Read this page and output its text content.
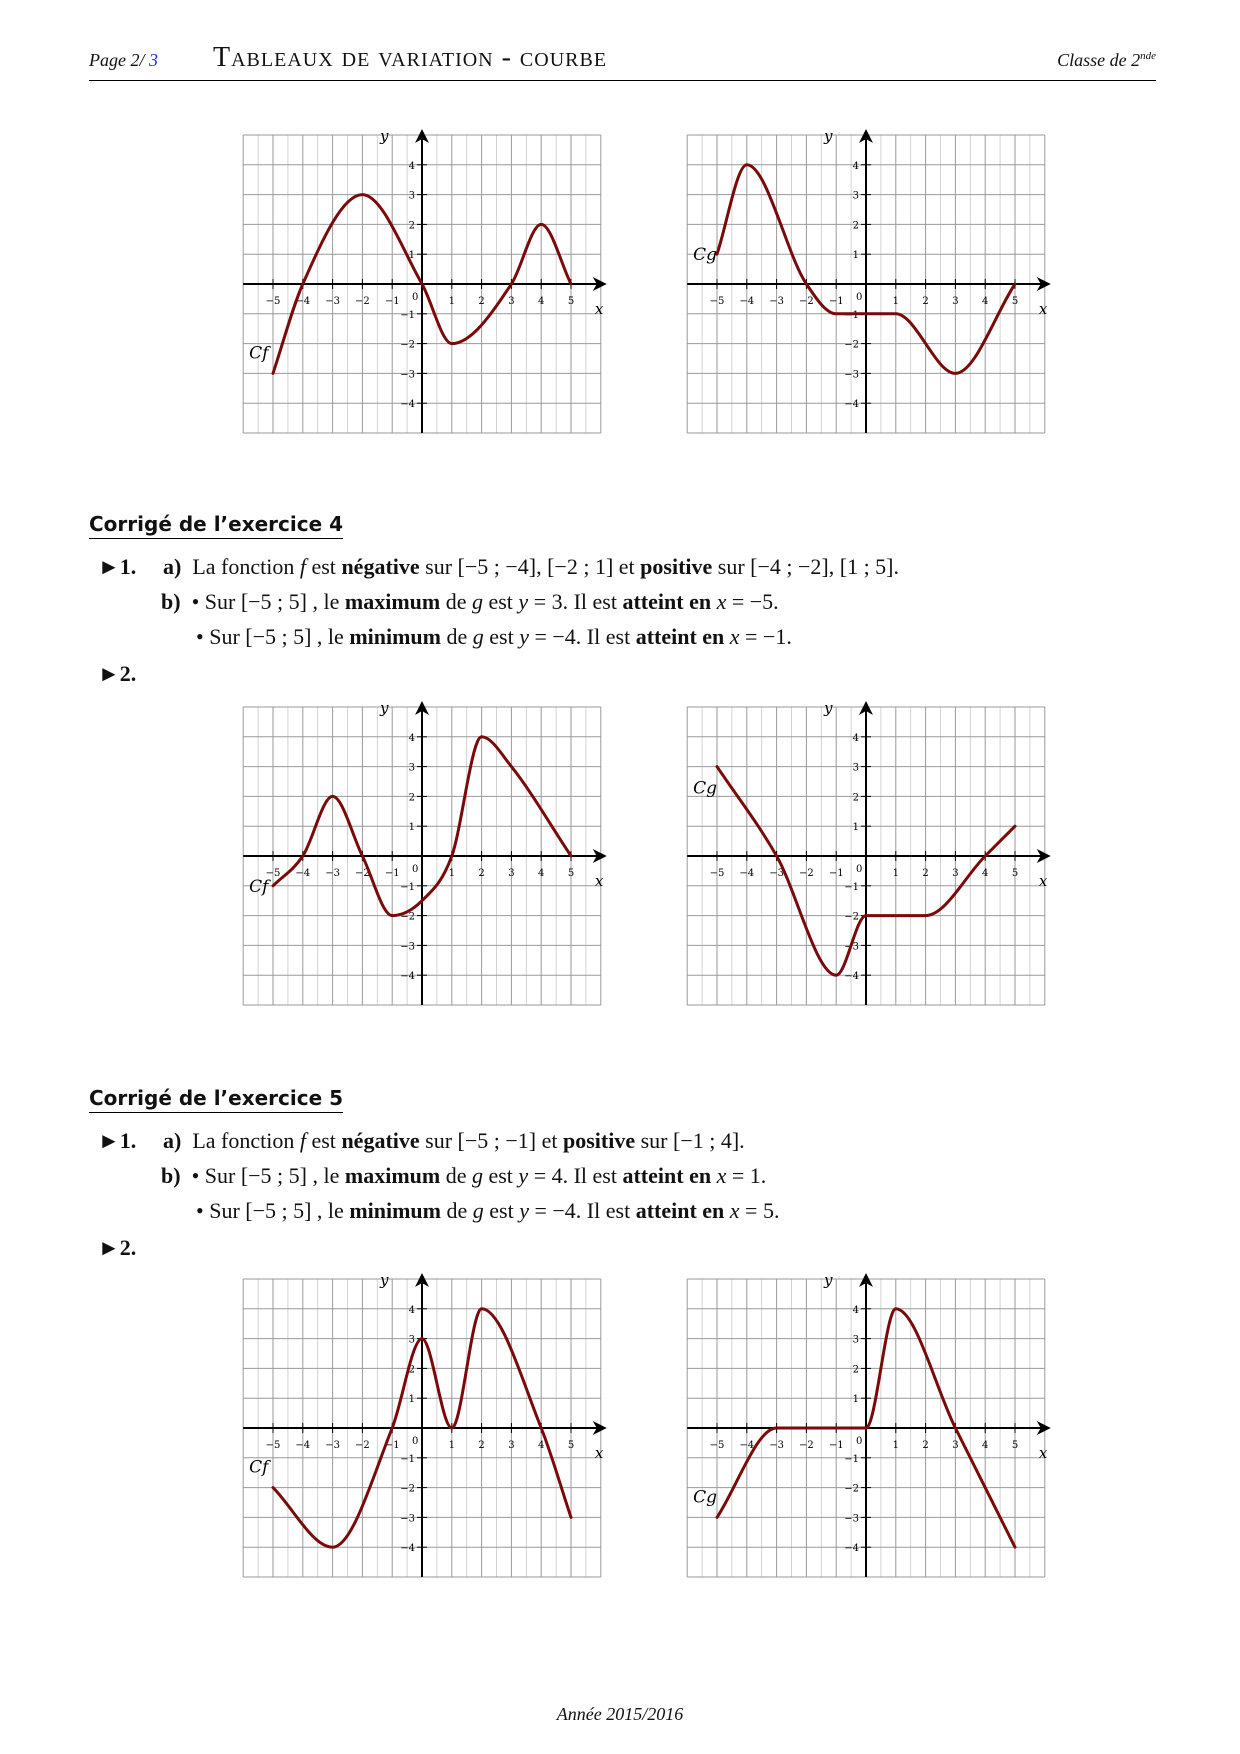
Page 2/ 3 Tableaux de variation - courbe	Classe de 2nde
−5 −4 −3 −2 −1	1 2 3 4 5
−4
−3
−2
−1
1
2
3
4
0
x
y
Cf
−5 −4 −3 −2 −1	1 2 3 4 5
−4
−3
−2
−1
1
2
3
4
0
x
y
Cg
Corrigé de l’exercice 4
►1. a) La fonction f est négative sur [−5 ; −4], [−2 ; 1] et positive sur [−4 ; −2], [1 ; 5].
b) • Sur [−5 ; 5] , le maximum de g est y = 3. Il est atteint en x = −5.
• Sur [−5 ; 5] , le minimum de g est y = −4. Il est atteint en x = −1.
►2.
−5 −4 −3 −2 −1	1 2 3 4 5
−4
−3
−2
−1
1
2
3
4
0
x
y
Cf
−5 −4 −3 −2 −1	1 2 3 4 5
−4
−3
−2
−1
1
2
3
4
0
x
y
Cg
Corrigé de l’exercice 5
►1. a) La fonction f est négative sur [−5 ; −1] et positive sur [−1 ; 4].
b) • Sur [−5 ; 5] , le maximum de g est y = 4. Il est atteint en x = 1.
• Sur [−5 ; 5] , le minimum de g est y = −4. Il est atteint en x = 5.
►2.
−5 −4 −3 −2 −1	1 2 3 4 5
−4
−3
−2
−1
1
2
3
4
0
x
y
Cf
−5 −4 −3 −2 −1	1 2 3 4 5
−4
−3
−2
−1
1
2
3
4
0
x
y
Cg
Année 2015/2016
